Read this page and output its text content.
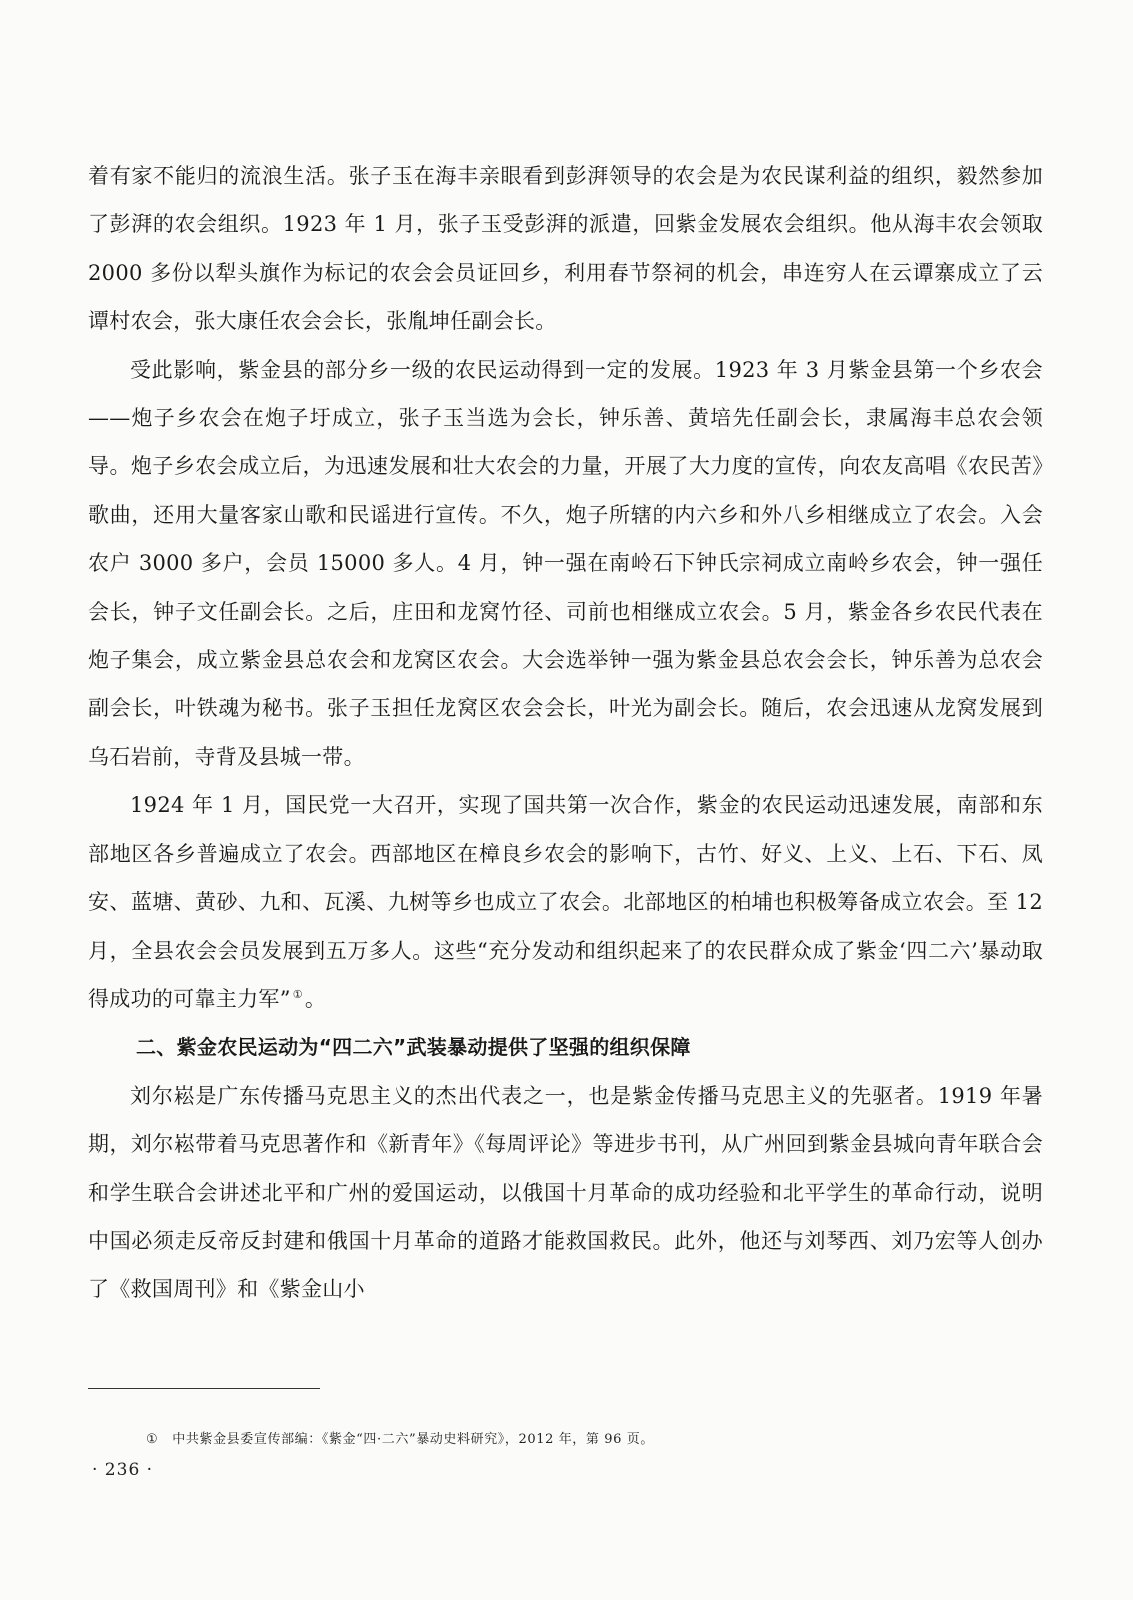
着有家不能归的流浪生活。张子玉在海丰亲眼看到彭湃领导的农会是为农民谋利益的组织，毅然参加了彭湃的农会组织。1923 年 1 月，张子玉受彭湃的派遣，回紫金发展农会组织。他从海丰农会领取 2000 多份以犁头旗作为标记的农会会员证回乡，利用春节祭祠的机会，串连穷人在云谭寨成立了云谭村农会，张大康任农会会长，张胤坤任副会长。

受此影响，紫金县的部分乡一级的农民运动得到一定的发展。1923 年 3 月紫金县第一个乡农会——炮子乡农会在炮子圩成立，张子玉当选为会长，钟乐善、黄培先任副会长，隶属海丰总农会领导。炮子乡农会成立后，为迅速发展和壮大农会的力量，开展了大力度的宣传，向农友高唱《农民苦》歌曲，还用大量客家山歌和民谣进行宣传。不久，炮子所辖的内六乡和外八乡相继成立了农会。入会农户 3000 多户，会员 15000 多人。4 月，钟一强在南岭石下钟氏宗祠成立南岭乡农会，钟一强任会长，钟子文任副会长。之后，庄田和龙窝竹径、司前也相继成立农会。5 月，紫金各乡农民代表在炮子集会，成立紫金县总农会和龙窝区农会。大会选举钟一强为紫金县总农会会长，钟乐善为总农会副会长，叶铁魂为秘书。张子玉担任龙窝区农会会长，叶光为副会长。随后，农会迅速从龙窝发展到乌石岩前，寺背及县城一带。

1924 年 1 月，国民党一大召开，实现了国共第一次合作，紫金的农民运动迅速发展，南部和东部地区各乡普遍成立了农会。西部地区在樟良乡农会的影响下，古竹、好义、上义、上石、下石、凤安、蓝塘、黄砂、九和、瓦溪、九树等乡也成立了农会。北部地区的柏埔也积极筹备成立农会。至 12 月，全县农会会员发展到五万多人。这些“充分发动和组织起来了的农民群众成了紫金‘四二六’暴动取得成功的可靠主力军” ①。

二、紫金农民运动为“四二六”武装暴动提供了坚强的组织保障

刘尔崧是广东传播马克思主义的杰出代表之一，也是紫金传播马克思主义的先驱者。1919 年暑期，刘尔崧带着马克思著作和《新青年》《每周评论》等进步书刊，从广州回到紫金县城向青年联合会和学生联合会讲述北平和广州的爱国运动，以俄国十月革命的成功经验和北平学生的革命行动，说明中国必须走反帝反封建和俄国十月革命的道路才能救国救民。此外，他还与刘琴西、刘乃宏等人创办了《救国周刊》和《紫金山小

① 中共紫金县委宣传部编：《紫金“四·二六”暴动史料研究》，2012 年，第 96 页。
· 236 ·
